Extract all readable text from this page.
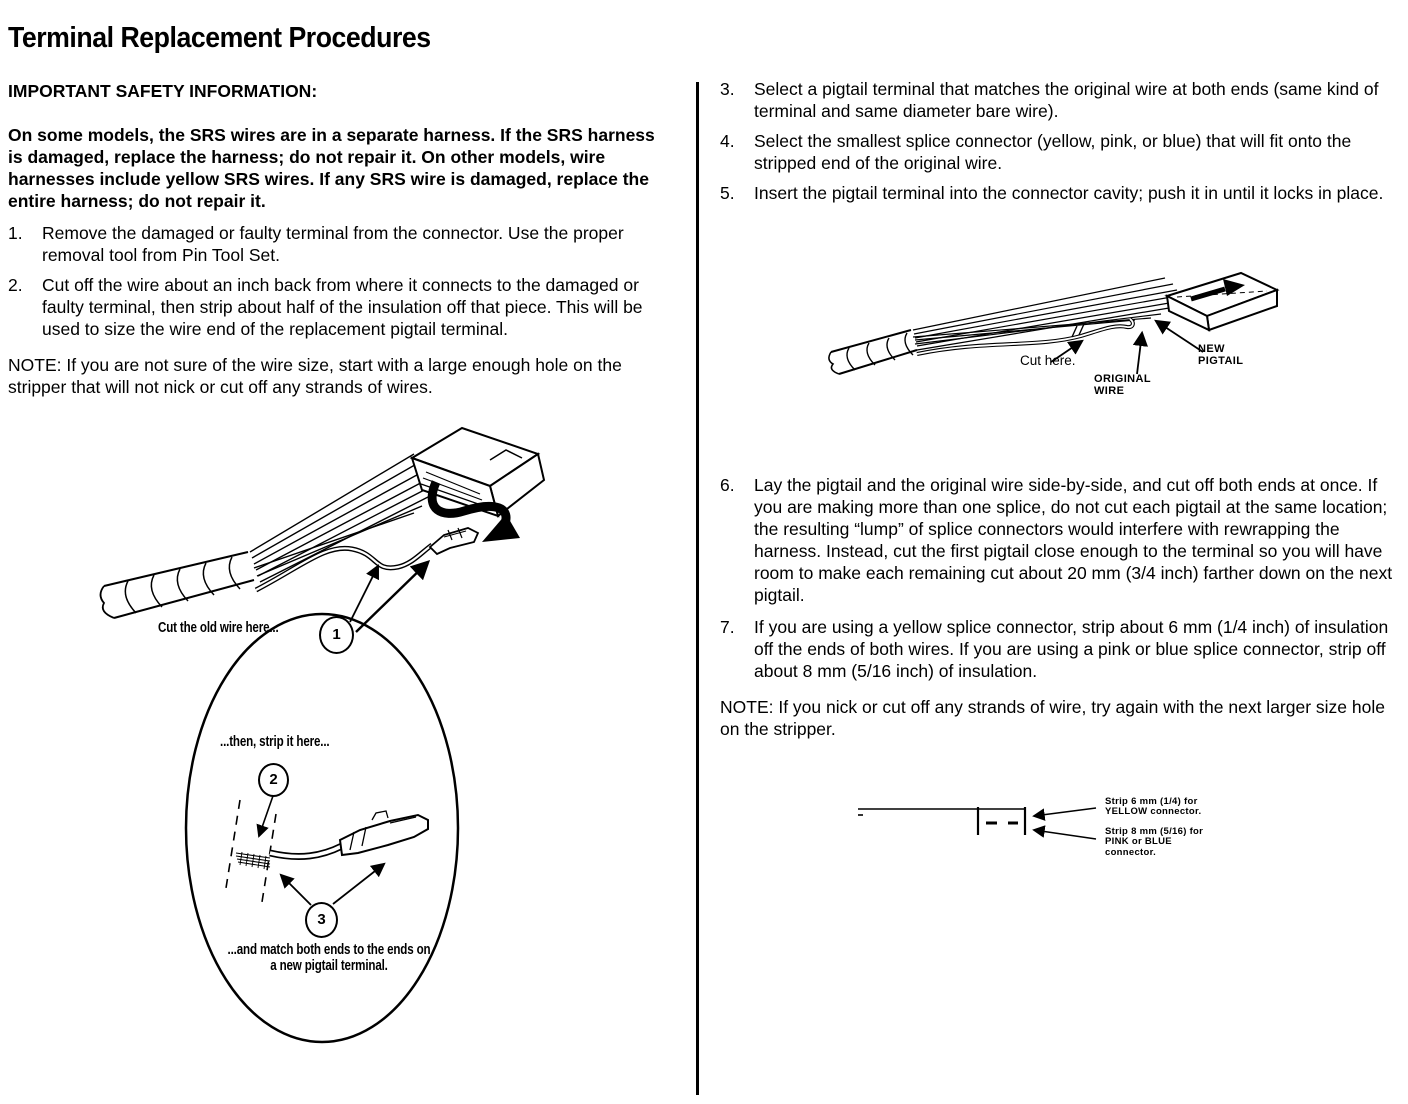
Terminal Replacement Procedures

IMPORTANT SAFETY INFORMATION:

On some models, the SRS wires are in a separate harness. If the SRS harness is damaged, replace the harness; do not repair it. On other models, wire harnesses include yellow SRS wires. If any SRS wire is damaged, replace the entire harness; do not repair it.

1.	Remove the damaged or faulty terminal from the connector. Use the proper removal tool from Pin Tool Set.
2.	Cut off the wire about an inch back from where it connects to the damaged or faulty terminal, then strip about half of the insulation off that piece. This will be used to size the wire end of the replacement pigtail terminal.

NOTE: If you are not sure of the wire size, start with a large enough hole on the stripper that will not nick or cut off any strands of wires.

Cut the old wire here...	1
...then, strip it here...
2
3
...and match both ends to the ends on a new pigtail terminal.
3.	Select a pigtail terminal that matches the original wire at both ends (same kind of terminal and same diameter bare wire).
4.	Select the smallest splice connector (yellow, pink, or blue) that will fit onto the stripped end of the original wire.
5.	Insert the pigtail terminal into the connector cavity; push it in until it locks in place.
Cut here.
ORIGINAL WIRE
NEW PIGTAIL
6.	Lay the pigtail and the original wire side-by-side, and cut off both ends at once. If you are making more than one splice, do not cut each pigtail at the same location; the resulting “lump” of splice connectors would interfere with rewrapping the harness. Instead, cut the first pigtail close enough to the terminal so you will have room to make each remaining cut about 20 mm (3/4 inch) farther down on the next pigtail.
7.	If you are using a yellow splice connector, strip about 6 mm (1/4 inch) of insulation off the ends of both wires. If you are using a pink or blue splice connector, strip off about 8 mm (5/16 inch) of insulation.

NOTE: If you nick or cut off any strands of wire, try again with the next larger size hole on the stripper.

Strip 6 mm (1/4) for YELLOW connector.
Strip 8 mm (5/16) for PINK or BLUE connector.
